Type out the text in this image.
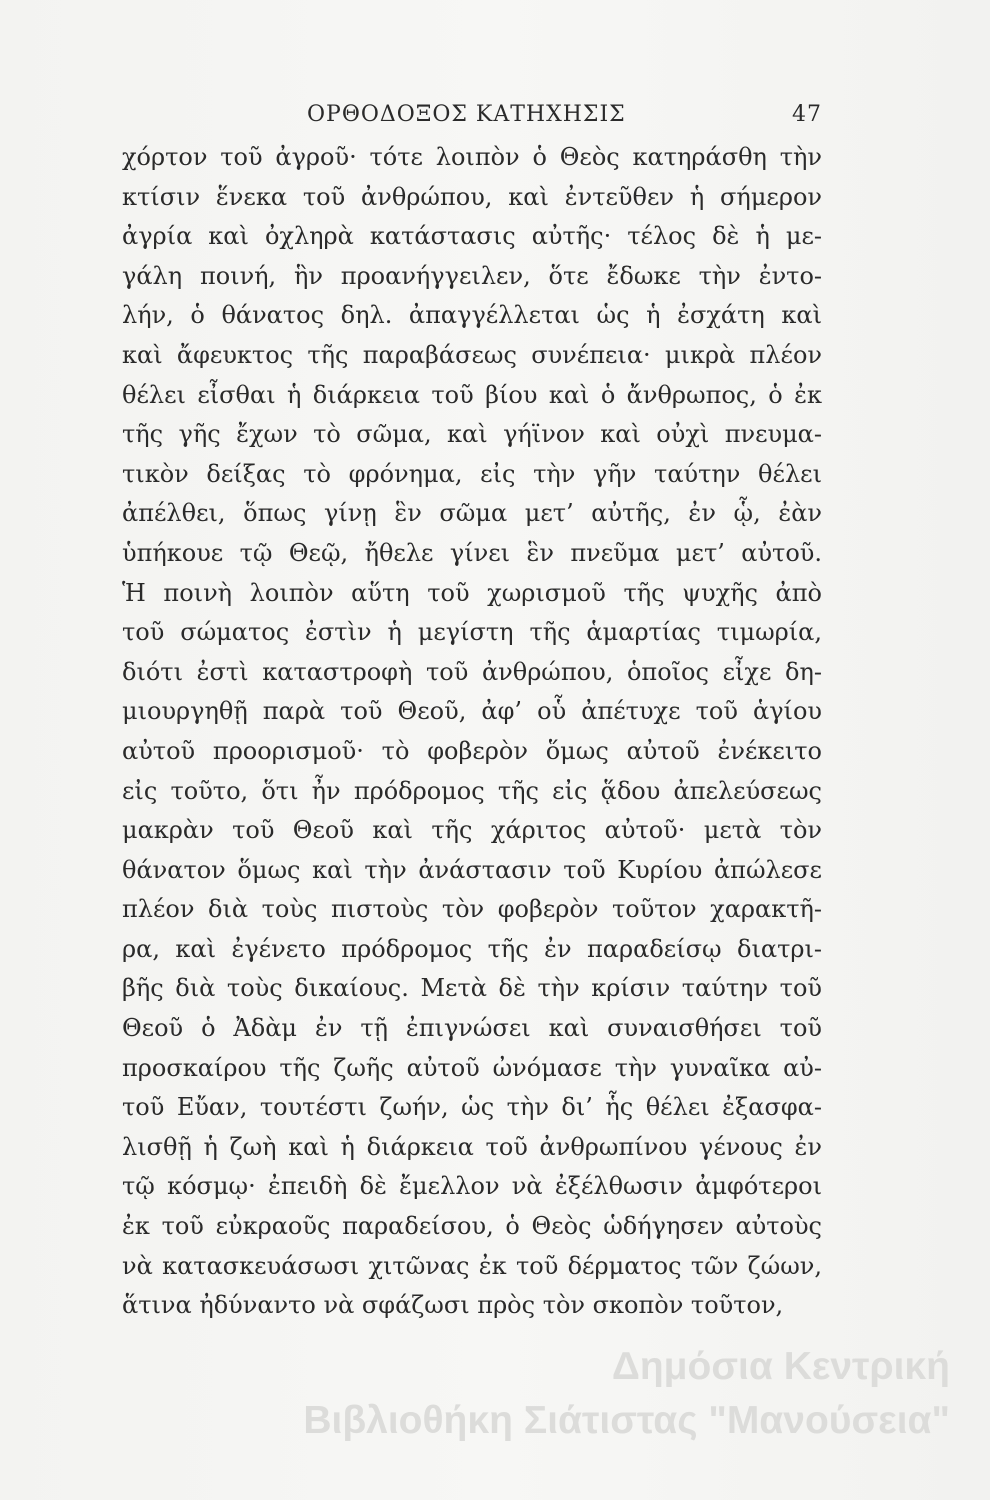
ΟΡΘΟΔΟΞΟΣ ΚΑΤΗΧΗΣΙΣ	47
χόρτον τοῦ ἀγροῦ· τότε λοιπὸν ὁ Θεὸς κατηράσθη τὴν
κτίσιν ἕνεκα τοῦ ἀνθρώπου, καὶ ἐντεῦθεν ἡ σήμερον
ἀγρία καὶ ὀχληρὰ κατάστασις αὐτῆς· τέλος δὲ ἡ με-
γάλη ποινή, ἣν προανήγγειλεν, ὅτε ἔδωκε τὴν ἐντο-
λήν, ὁ θάνατος δηλ. ἀπαγγέλλεται ὡς ἡ ἐσχάτη καὶ
καὶ ἄφευκτος τῆς παραβάσεως συνέπεια· μικρὰ πλέον
θέλει εἶσθαι ἡ διάρκεια τοῦ βίου καὶ ὁ ἄνθρωπος, ὁ ἐκ
τῆς γῆς ἔχων τὸ σῶμα, καὶ γήϊνον καὶ οὐχὶ πνευμα-
τικὸν δείξας τὸ φρόνημα, εἰς τὴν γῆν ταύτην θέλει
ἀπέλθει, ὅπως γίνῃ ἓν σῶμα μετ’ αὐτῆς, ἐν ᾧ, ἐὰν
ὑπήκουε τῷ Θεῷ, ἤθελε γίνει ἓν πνεῦμα μετ’ αὐτοῦ.
Ἡ ποινὴ λοιπὸν αὕτη τοῦ χωρισμοῦ τῆς ψυχῆς ἀπὸ
τοῦ σώματος ἐστὶν ἡ μεγίστη τῆς ἁμαρτίας τιμωρία,
διότι ἐστὶ καταστροφὴ τοῦ ἀνθρώπου, ὁποῖος εἶχε δη-
μιουργηθῇ παρὰ τοῦ Θεοῦ, ἀφ’ οὗ ἀπέτυχε τοῦ ἁγίου
αὐτοῦ προορισμοῦ· τὸ φοβερὸν ὅμως αὐτοῦ ἐνέκειτο
εἰς τοῦτο, ὅτι ἦν πρόδρομος τῆς εἰς ᾅδου ἀπελεύσεως
μακρὰν τοῦ Θεοῦ καὶ τῆς χάριτος αὐτοῦ· μετὰ τὸν
θάνατον ὅμως καὶ τὴν ἀνάστασιν τοῦ Κυρίου ἀπώλεσε
πλέον διὰ τοὺς πιστοὺς τὸν φοβερὸν τοῦτον χαρακτῆ-
ρα, καὶ ἐγένετο πρόδρομος τῆς ἐν παραδείσῳ διατρι-
βῆς διὰ τοὺς δικαίους. Μετὰ δὲ τὴν κρίσιν ταύτην τοῦ
Θεοῦ ὁ Ἀδὰμ ἐν τῇ ἐπιγνώσει καὶ συναισθήσει τοῦ
προσκαίρου τῆς ζωῆς αὐτοῦ ὠνόμασε τὴν γυναῖκα αὐ-
τοῦ Εὔαν, τουτέστι ζωήν, ὡς τὴν δι’ ἧς θέλει ἐξασφα-
λισθῇ ἡ ζωὴ καὶ ἡ διάρκεια τοῦ ἀνθρωπίνου γένους ἐν
τῷ κόσμῳ· ἐπειδὴ δὲ ἔμελλον νὰ ἐξέλθωσιν ἀμφότεροι
ἐκ τοῦ εὐκραοῦς παραδείσου, ὁ Θεὸς ὡδήγησεν αὐτοὺς
νὰ κατασκευάσωσι χιτῶνας ἐκ τοῦ δέρματος τῶν ζώων,
ἅτινα ἠδύναντο νὰ σφάζωσι πρὸς τὸν σκοπὸν τοῦτον,
Δημόσια Κεντρική
Βιβλιοθήκη Σιάτιστας "Μανούσεια"
